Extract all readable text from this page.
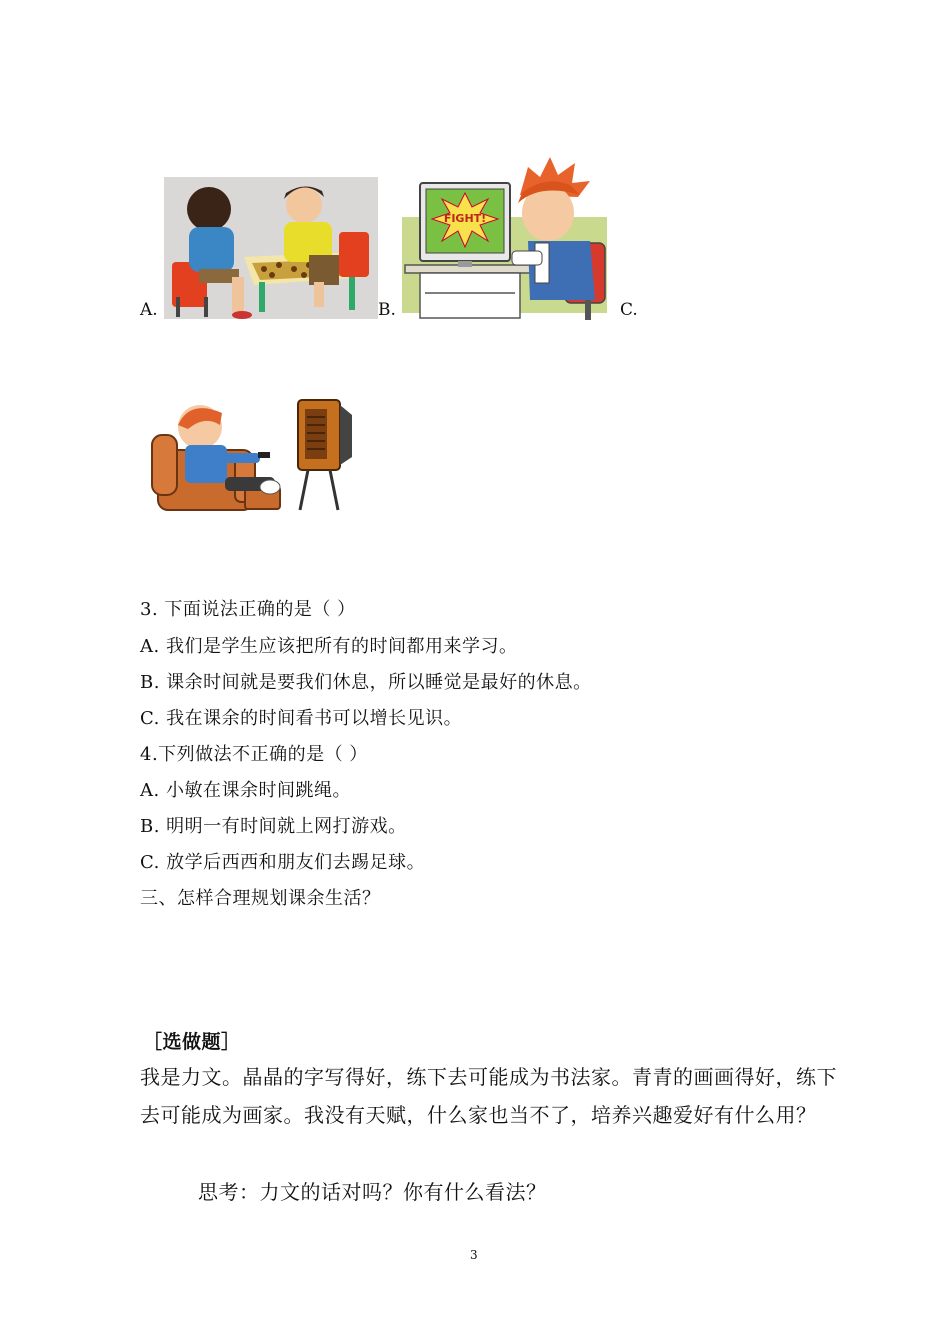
A.
FIGHT!
B.	C.
3. 下面说法正确的是（ ）
A. 我们是学生应该把所有的时间都用来学习。
B. 课余时间就是要我们休息，所以睡觉是最好的休息。
C. 我在课余的时间看书可以增长见识。
4.下列做法不正确的是（ ）
A. 小敏在课余时间跳绳。
B. 明明一有时间就上网打游戏。
C. 放学后西西和朋友们去踢足球。
三、怎样合理规划课余生活？
［选做题］
我是力文。晶晶的字写得好，练下去可能成为书法家。青青的画画得好，练下去可能成为画家。我没有天赋，什么家也当不了，培养兴趣爱好有什么用？
思考：力文的话对吗？你有什么看法？
3
